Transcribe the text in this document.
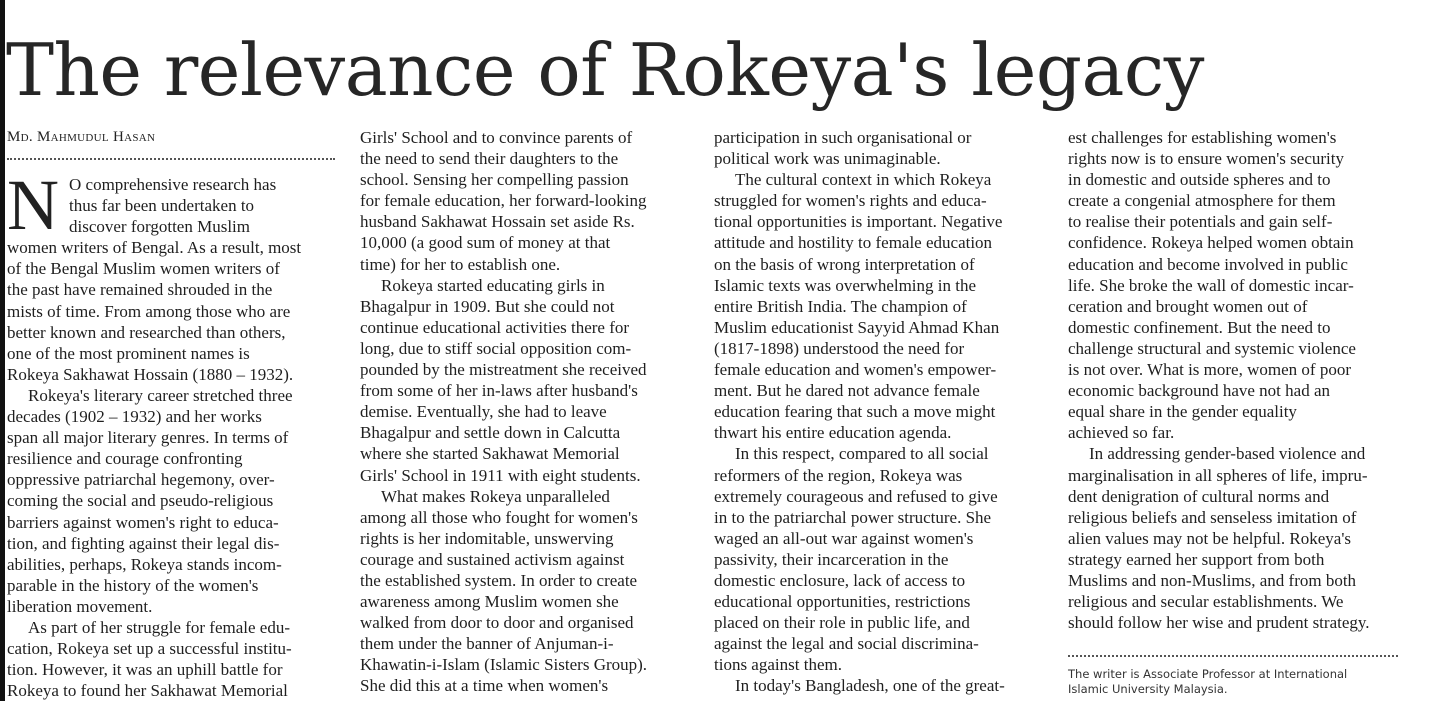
The relevance of Rokeya's legacy
Md. Mahmudul Hasan
N O comprehensive research has
thus far been undertaken to
discover forgotten Muslim

women writers of Bengal. As a result, most

of the Bengal Muslim women writers of

the past have remained shrouded in the

mists of time. From among those who are

better known and researched than others,

one of the most prominent names is

Rokeya Sakhawat Hossain (1880 – 1932).

Rokeya's literary career stretched three

decades (1902 – 1932) and her works

span all major literary genres. In terms of

resilience and courage confronting

oppressive patriarchal hegemony, over-

coming the social and pseudo-religious

barriers against women's right to educa-

tion, and fighting against their legal dis-

abilities, perhaps, Rokeya stands incom-

parable in the history of the women's

liberation movement.

As part of her struggle for female edu-

cation, Rokeya set up a successful institu-

tion. However, it was an uphill battle for

Rokeya to found her Sakhawat Memorial

Girls' School and to convince parents of

the need to send their daughters to the

school. Sensing her compelling passion

for female education, her forward-looking

husband Sakhawat Hossain set aside Rs.

10,000 (a good sum of money at that

time) for her to establish one.

Rokeya started educating girls in

Bhagalpur in 1909. But she could not

continue educational activities there for

long, due to stiff social opposition com-

pounded by the mistreatment she received

from some of her in-laws after husband's

demise. Eventually, she had to leave

Bhagalpur and settle down in Calcutta

where she started Sakhawat Memorial

Girls' School in 1911 with eight students.

What makes Rokeya unparalleled

among all those who fought for women's

rights is her indomitable, unswerving

courage and sustained activism against

the established system. In order to create

awareness among Muslim women she

walked from door to door and organised

them under the banner of Anjuman-i-

Khawatin-i-Islam (Islamic Sisters Group).

She did this at a time when women's

participation in such organisational or

political work was unimaginable.

The cultural context in which Rokeya

struggled for women's rights and educa-

tional opportunities is important. Negative

attitude and hostility to female education

on the basis of wrong interpretation of

Islamic texts was overwhelming in the

entire British India. The champion of

Muslim educationist Sayyid Ahmad Khan

(1817-1898) understood the need for

female education and women's empower-

ment. But he dared not advance female

education fearing that such a move might

thwart his entire education agenda.

In this respect, compared to all social

reformers of the region, Rokeya was

extremely courageous and refused to give

in to the patriarchal power structure. She

waged an all-out war against women's

passivity, their incarceration in the

domestic enclosure, lack of access to

educational opportunities, restrictions

placed on their role in public life, and

against the legal and social discrimina-

tions against them.

In today's Bangladesh, one of the great-

est challenges for establishing women's

rights now is to ensure women's security

in domestic and outside spheres and to

create a congenial atmosphere for them

to realise their potentials and gain self-

confidence. Rokeya helped women obtain

education and become involved in public

life. She broke the wall of domestic incar-

ceration and brought women out of

domestic confinement. But the need to

challenge structural and systemic violence

is not over. What is more, women of poor

economic background have not had an

equal share in the gender equality

achieved so far.

In addressing gender-based violence and

marginalisation in all spheres of life, impru-

dent denigration of cultural norms and

religious beliefs and senseless imitation of

alien values may not be helpful. Rokeya's

strategy earned her support from both

Muslims and non-Muslims, and from both

religious and secular establishments. We

should follow her wise and prudent strategy.

The writer is Associate Professor at International

Islamic University Malaysia.
